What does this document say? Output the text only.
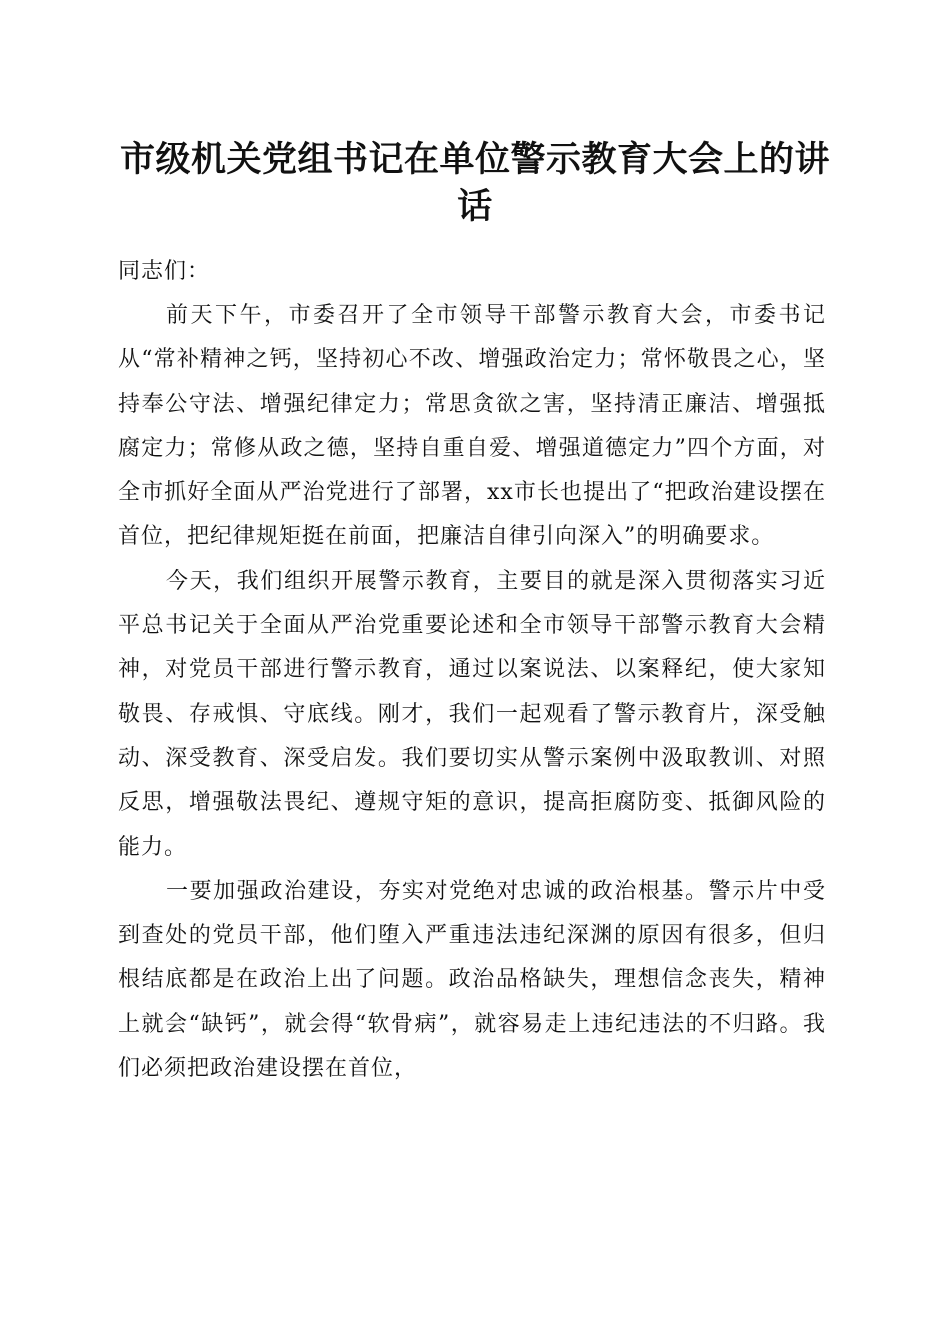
市级机关党组书记在单位警示教育大会上的讲话

同志们：

前天下午，市委召开了全市领导干部警示教育大会，市委书记从“常补精神之钙，坚持初心不改、增强政治定力；常怀敬畏之心，坚持奉公守法、增强纪律定力；常思贪欲之害，坚持清正廉洁、增强抵腐定力；常修从政之德，坚持自重自爱、增强道德定力”四个方面，对全市抓好全面从严治党进行了部署，xx市长也提出了“把政治建设摆在首位，把纪律规矩挺在前面，把廉洁自律引向深入”的明确要求。

今天，我们组织开展警示教育，主要目的就是深入贯彻落实习近平总书记关于全面从严治党重要论述和全市领导干部警示教育大会精神，对党员干部进行警示教育，通过以案说法、以案释纪，使大家知敬畏、存戒惧、守底线。刚才，我们一起观看了警示教育片，深受触动、深受教育、深受启发。我们要切实从警示案例中汲取教训、对照反思，增强敬法畏纪、遵规守矩的意识，提高拒腐防变、抵御风险的能力。

一要加强政治建设，夯实对党绝对忠诚的政治根基。警示片中受到查处的党员干部，他们堕入严重违法违纪深渊的原因有很多，但归根结底都是在政治上出了问题。政治品格缺失，理想信念丧失，精神上就会“缺钙”，就会得“软骨病”，就容易走上违纪违法的不归路。我们必须把政治建设摆在首位，
